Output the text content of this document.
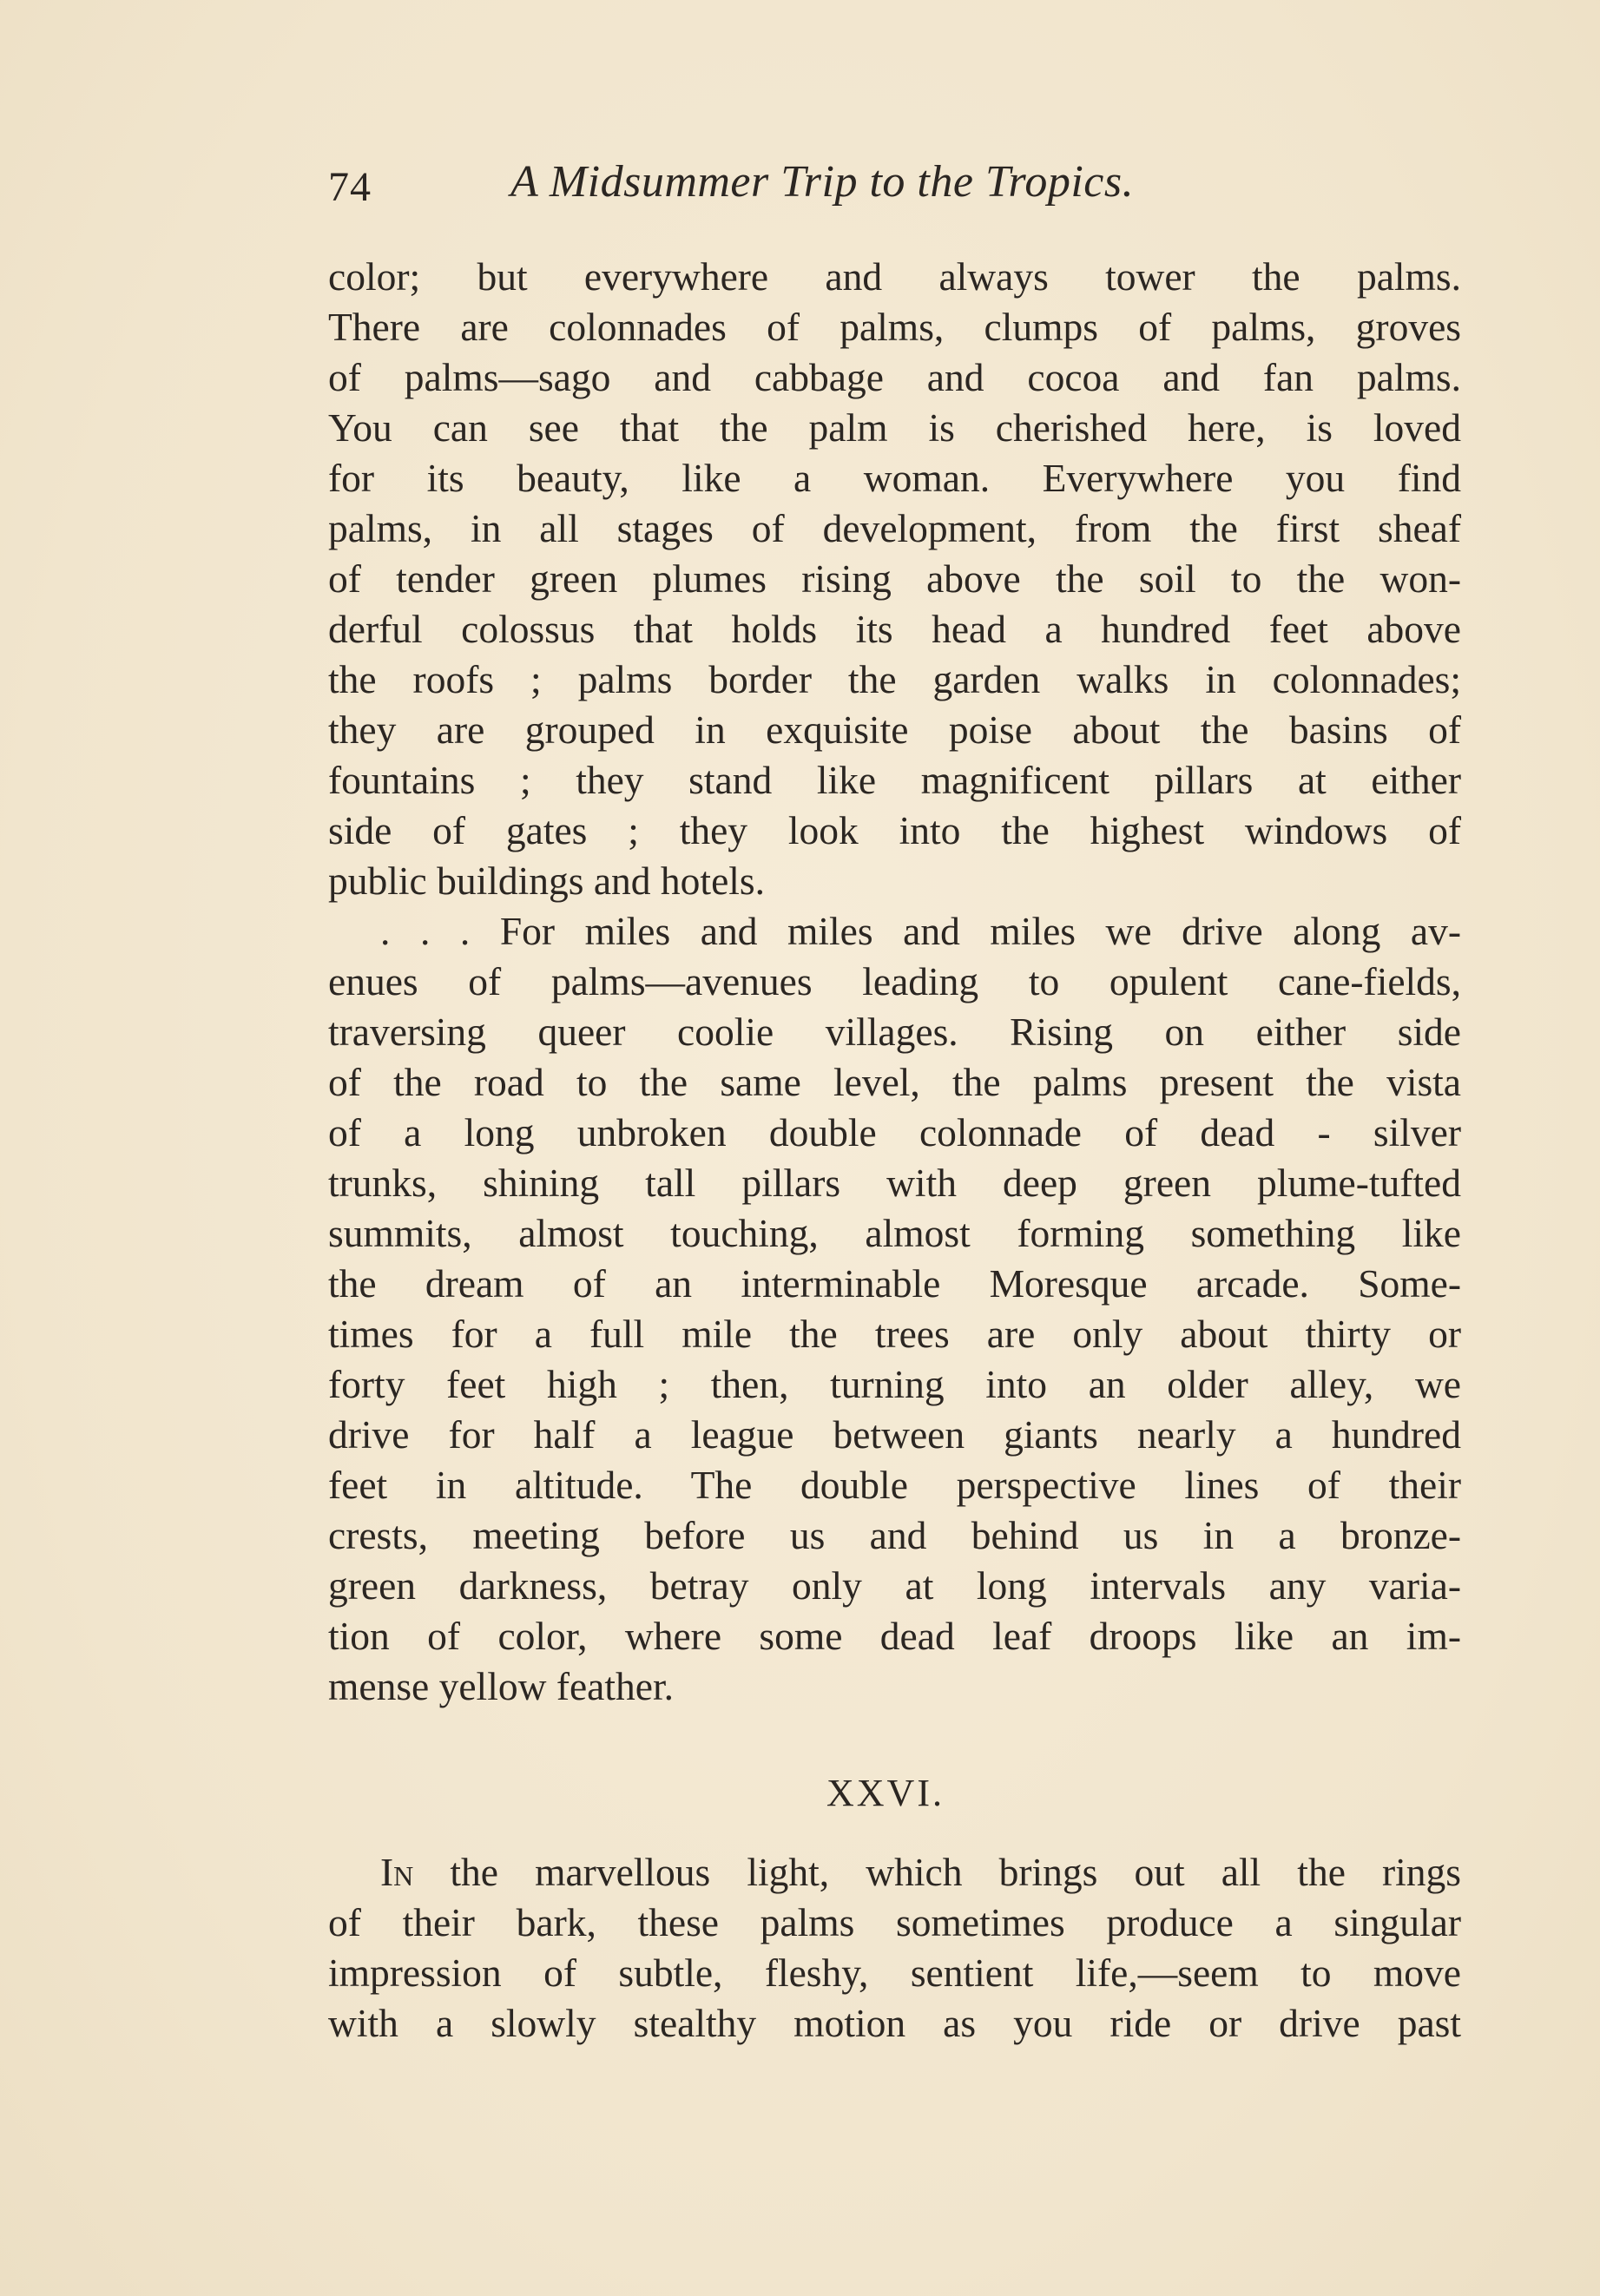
74	A Midsummer Trip to the Tropics.
color; but everywhere and always tower the palms.
There are colonnades of palms, clumps of palms, groves
of palms—sago and cabbage and cocoa and fan palms.
You can see that the palm is cherished here, is loved
for its beauty, like a woman. Everywhere you find
palms, in all stages of development, from the first sheaf
of tender green plumes rising above the soil to the won-
derful colossus that holds its head a hundred feet above
the roofs ; palms border the garden walks in colonnades;
they are grouped in exquisite poise about the basins of
fountains ; they stand like magnificent pillars at either
side of gates ; they look into the highest windows of
public buildings and hotels.
. . . For miles and miles and miles we drive along av-
enues of palms—avenues leading to opulent cane-fields,
traversing queer coolie villages. Rising on either side
of the road to the same level, the palms present the vista
of a long unbroken double colonnade of dead - silver
trunks, shining tall pillars with deep green plume-tufted
summits, almost touching, almost forming something like
the dream of an interminable Moresque arcade. Some-
times for a full mile the trees are only about thirty or
forty feet high ; then, turning into an older alley, we
drive for half a league between giants nearly a hundred
feet in altitude. The double perspective lines of their
crests, meeting before us and behind us in a bronze-
green darkness, betray only at long intervals any varia-
tion of color, where some dead leaf droops like an im-
mense yellow feather.
XXVI.
In the marvellous light, which brings out all the rings
of their bark, these palms sometimes produce a singular
impression of subtle, fleshy, sentient life,—seem to move
with a slowly stealthy motion as you ride or drive past
